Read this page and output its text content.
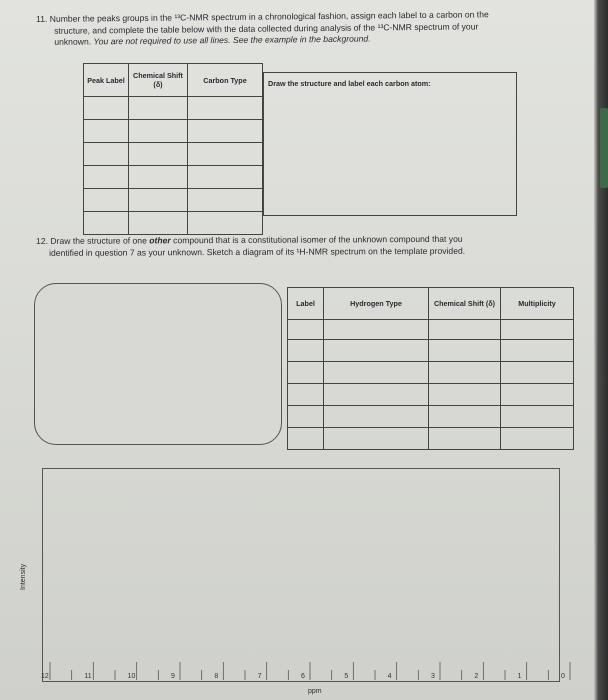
11. Number the peaks groups in the ¹³C-NMR spectrum in a chronological fashion, assign each label to a carbon on the
structure, and complete the table below with the data collected during analysis of the ¹³C-NMR spectrum of your
unknown. You are not required to use all lines. See the example in the background.
Peak Label	Chemical Shift (δ)	Carbon Type

			Draw the structure and label each carbon atom:
12. Draw the structure of one other compound that is a constitutional isomer of the unknown compound that you
identified in question 7 as your unknown. Sketch a diagram of its ¹H-NMR spectrum on the template provided.
Label	Hydrogen Type	Chemical Shift (δ)	Multiplicity

Intensity
12	11	10	9	8	7	6	5	4	3	2	1	0
ppm
